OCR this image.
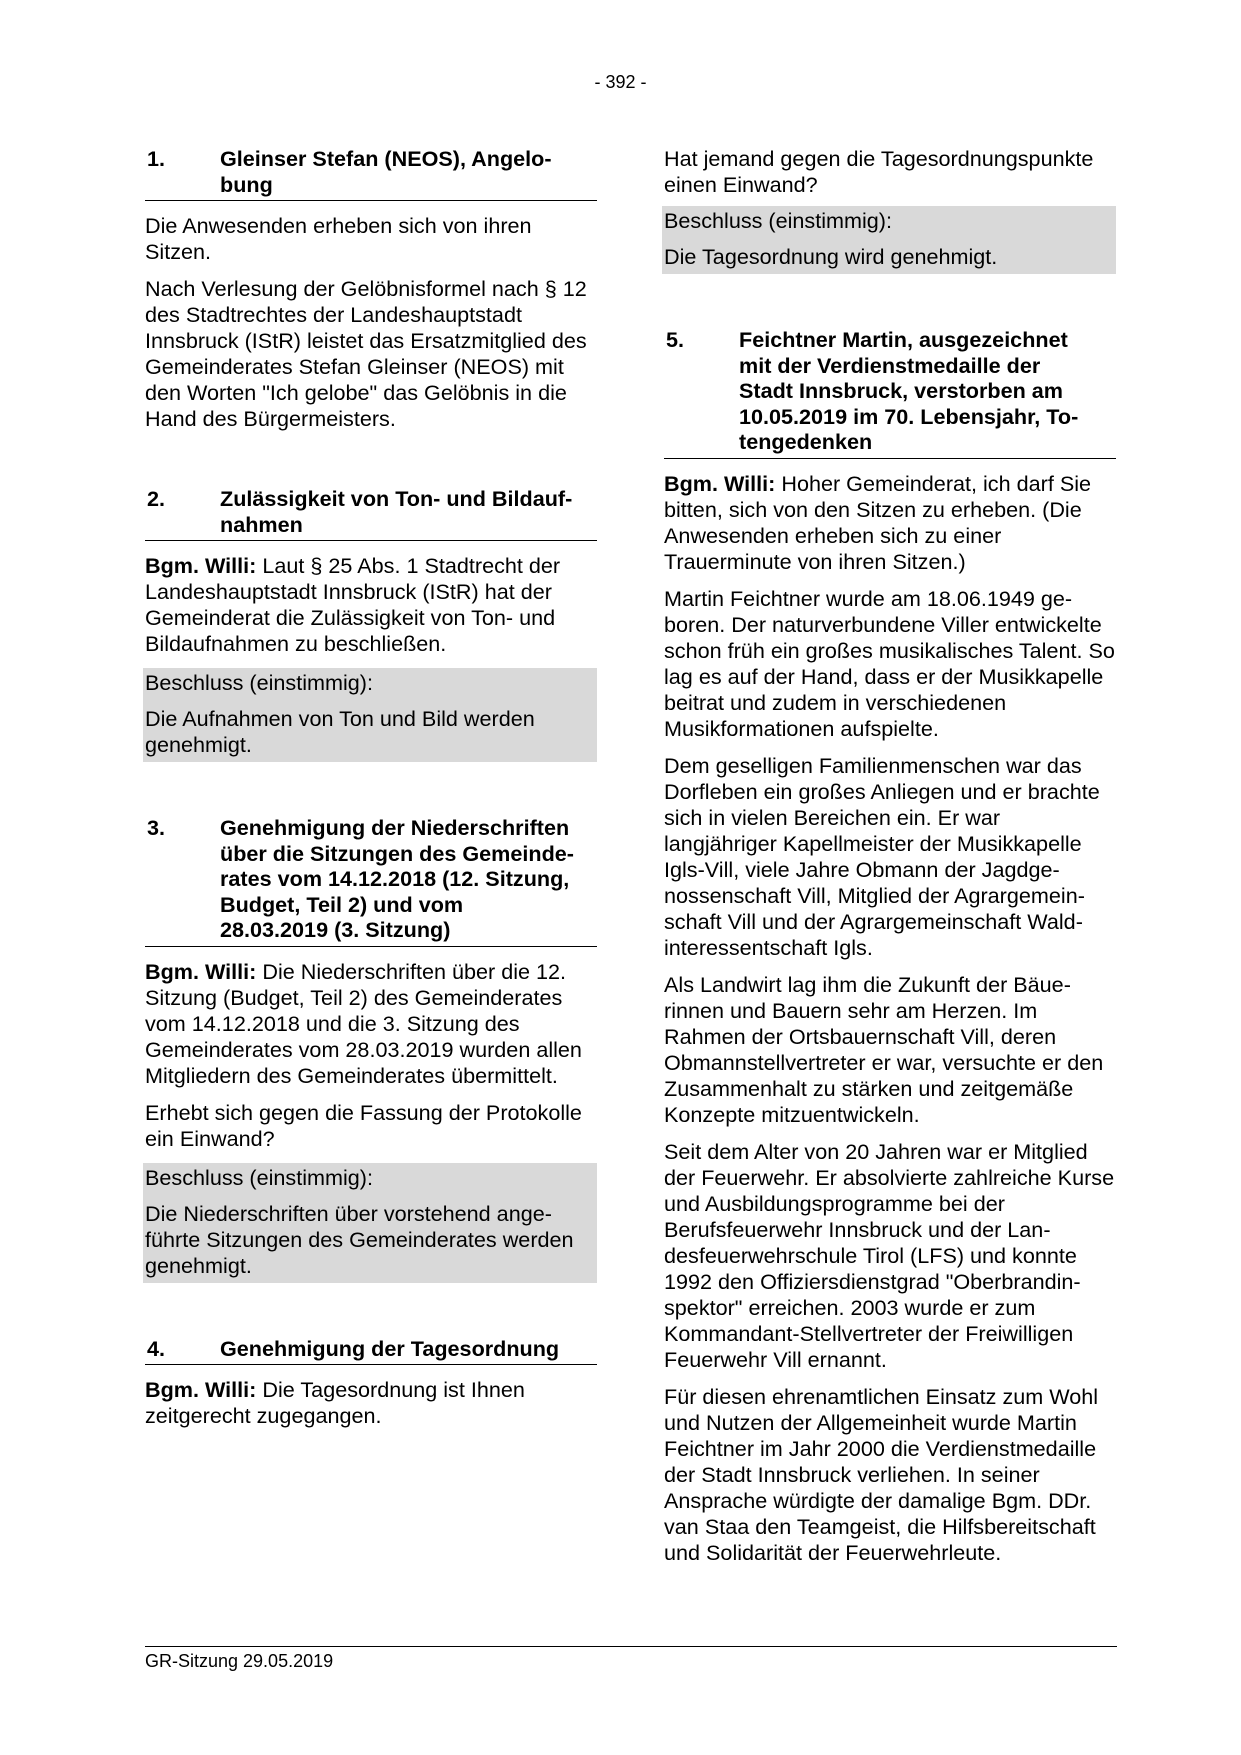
- 392 -
1.	Gleinser Stefan (NEOS), Angelo-
bung

Die Anwesenden erheben sich von ihren Sitzen.

Nach Verlesung der Gelöbnisformel nach § 12 des Stadtrechtes der Landeshauptstadt Innsbruck (IStR) leistet das Ersatzmitglied des Gemeinderates Stefan Gleinser (NEOS) mit den Worten "Ich gelobe" das Gelöbnis in die Hand des Bürgermeisters.

2.	Zulässigkeit von Ton- und Bildauf-
nahmen

Bgm. Willi: Laut § 25 Abs. 1 Stadtrecht der Landeshauptstadt Innsbruck (IStR) hat der Gemeinderat die Zulässigkeit von Ton- und Bildaufnahmen zu beschließen.

Beschluss (einstimmig):

Die Aufnahmen von Ton und Bild werden genehmigt.

3.	Genehmigung der Niederschriften
über die Sitzungen des Gemeinde-
rates vom 14.12.2018 (12. Sitzung,
Budget, Teil 2) und vom
28.03.2019 (3. Sitzung)

Bgm. Willi: Die Niederschriften über die 12. Sitzung (Budget, Teil 2) des Gemeinderates vom 14.12.2018 und die 3. Sitzung des Gemeinderates vom 28.03.2019 wurden allen Mitgliedern des Gemeinderates übermittelt.

Erhebt sich gegen die Fassung der Protokolle ein Einwand?

Beschluss (einstimmig):

Die Niederschriften über vorstehend angeführte Sitzungen des Gemeinderates werden genehmigt.

4.	Genehmigung der Tagesordnung

Bgm. Willi: Die Tagesordnung ist Ihnen zeitgerecht zugegangen.

Hat jemand gegen die Tagesordnungspunkte einen Einwand?

Beschluss (einstimmig):

Die Tagesordnung wird genehmigt.

5.	Feichtner Martin, ausgezeichnet
mit der Verdienstmedaille der
Stadt Innsbruck, verstorben am
10.05.2019 im 70. Lebensjahr, To-
tengedenken

Bgm. Willi: Hoher Gemeinderat, ich darf Sie bitten, sich von den Sitzen zu erheben. (Die Anwesenden erheben sich zu einer Trauerminute von ihren Sitzen.)

Martin Feichtner wurde am 18.06.1949 geboren. Der naturverbundene Viller entwickelte schon früh ein großes musikalisches Talent. So lag es auf der Hand, dass er der Musikkapelle beitrat und zudem in verschiedenen Musikformationen aufspielte.

Dem geselligen Familienmenschen war das Dorfleben ein großes Anliegen und er brachte sich in vielen Bereichen ein. Er war langjähriger Kapellmeister der Musikkapelle Igls-Vill, viele Jahre Obmann der Jagdgenossenschaft Vill, Mitglied der Agrargemeinschaft Vill und der Agrargemeinschaft Waldinteressentschaft Igls.

Als Landwirt lag ihm die Zukunft der Bäuerinnen und Bauern sehr am Herzen. Im Rahmen der Ortsbauernschaft Vill, deren Obmannstellvertreter er war, versuchte er den Zusammenhalt zu stärken und zeitgemäße Konzepte mitzuentwickeln.

Seit dem Alter von 20 Jahren war er Mitglied der Feuerwehr. Er absolvierte zahlreiche Kurse und Ausbildungsprogramme bei der Berufsfeuerwehr Innsbruck und der Landesfeuerwehrschule Tirol (LFS) und konnte 1992 den Offiziersdienstgrad "Oberbrandinspektor" erreichen. 2003 wurde er zum Kommandant-Stellvertreter der Freiwilligen Feuerwehr Vill ernannt.

Für diesen ehrenamtlichen Einsatz zum Wohl und Nutzen der Allgemeinheit wurde Martin Feichtner im Jahr 2000 die Verdienstmedaille der Stadt Innsbruck verliehen. In seiner Ansprache würdigte der damalige Bgm. DDr. van Staa den Teamgeist, die Hilfsbereitschaft und Solidarität der Feuerwehrleute.

GR-Sitzung 29.05.2019
